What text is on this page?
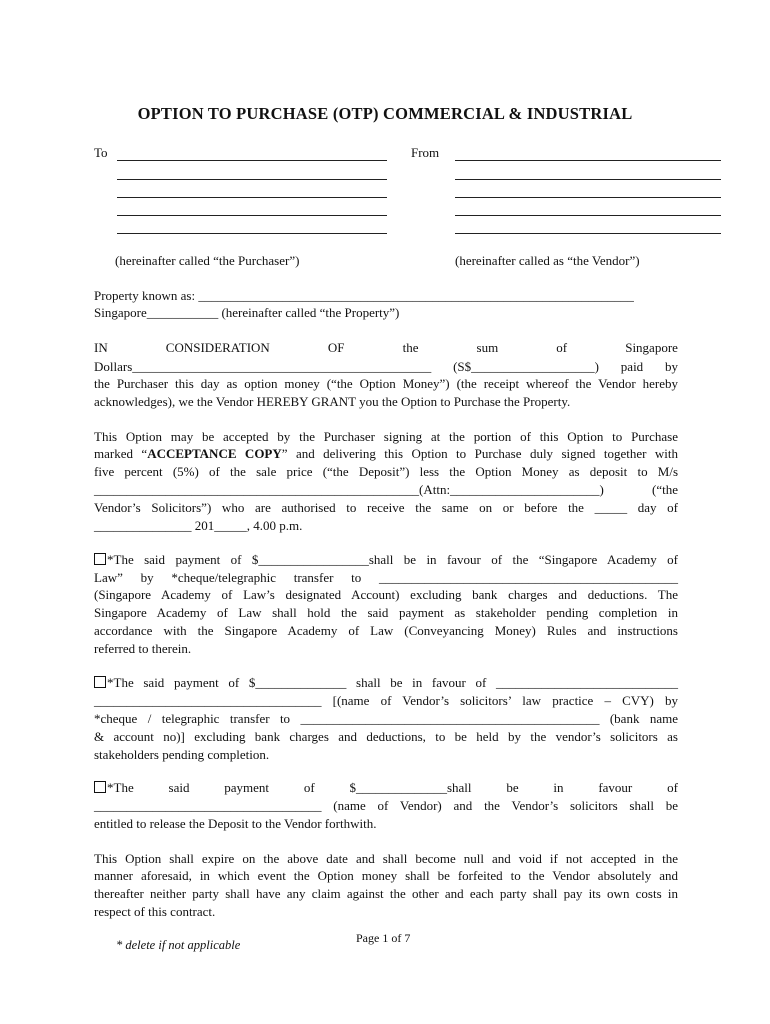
OPTION TO PURCHASE (OTP) COMMERCIAL & INDUSTRIAL
To	From
(hereinafter called “the Purchaser”)	(hereinafter called as “the Vendor”)
Property known as: ___________________________________________________________________
Singapore___________ (hereinafter called “the Property”)
IN	CONSIDERATION	OF	the	sum	of	Singapore
Dollars______________________________________________ (S$___________________) paid by
the Purchaser this day as option money (“the Option Money”) (the receipt whereof the Vendor hereby
acknowledges), we the Vendor HEREBY GRANT you the Option to Purchase the Property.
This Option may be accepted by the Purchaser signing at the portion of this Option to Purchase
marked “ACCEPTANCE COPY” and delivering this Option to Purchase duly signed together with
five percent (5%) of the sale price (“the Deposit”) less the Option Money as deposit to M/s
__________________________________________________(Attn:_______________________) (“the
Vendor’s Solicitors”) who are authorised to receive the same on or before the _____ day of
_______________ 201_____, 4.00 p.m.
*The said payment of $_________________shall be in favour of the “Singapore Academy of
Law” by *cheque/telegraphic transfer to ______________________________________________
(Singapore Academy of Law’s designated Account) excluding bank charges and deductions. The
Singapore Academy of Law shall hold the said payment as stakeholder pending completion in
accordance with the Singapore Academy of Law (Conveyancing Money) Rules and instructions
referred to therein.
*The said payment of $______________ shall be in favour of ____________________________
___________________________________ [(name of Vendor’s solicitors’ law practice – CVY) by
*cheque / telegraphic transfer to ______________________________________________ (bank name
& account no)] excluding bank charges and deductions, to be held by the vendor’s solicitors as
stakeholders pending completion.
*The	said	payment	of	$______________shall	be	in	favour	of
___________________________________ (name of Vendor) and the Vendor’s solicitors shall be
entitled to release the Deposit to the Vendor forthwith.
This Option shall expire on the above date and shall become null and void if not accepted in the
manner aforesaid, in which event the Option money shall be forfeited to the Vendor absolutely and
thereafter neither party shall have any claim against the other and each party shall pay its own costs in
respect of this contract.
Page 1 of 7
* delete if not applicable
